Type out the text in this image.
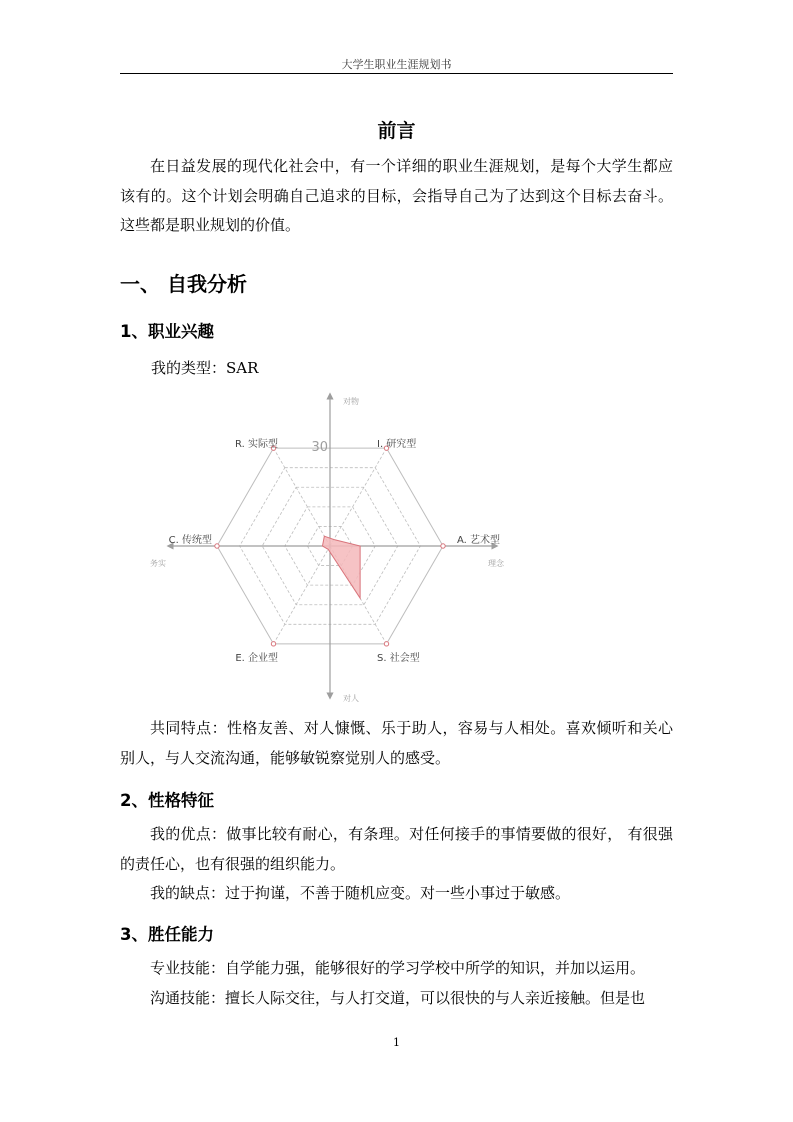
大学生职业生涯规划书
前言

在日益发展的现代化社会中，有一个详细的职业生涯规划，是每个大学生都应该有的。这个计划会明确自己追求的目标，会指导自己为了达到这个目标去奋斗。这些都是职业规划的价值。

一、 自我分析
1、职业兴趣

我的类型：SAR

30
R. 实际型	I. 研究型
A. 艺术型
S. 社会型
E. 企业型
C. 传统型
对物
对人
务实	理念

共同特点：性格友善、对人慷慨、乐于助人，容易与人相处。喜欢倾听和关心别人，与人交流沟通，能够敏锐察觉别人的感受。

2、性格特征

我的优点：做事比较有耐心，有条理。对任何接手的事情要做的很好， 有很强的责任心，也有很强的组织能力。

我的缺点：过于拘谨，不善于随机应变。对一些小事过于敏感。

3、胜任能力

专业技能：自学能力强，能够很好的学习学校中所学的知识，并加以运用。

沟通技能：擅长人际交往，与人打交道，可以很快的与人亲近接触。但是也

1
